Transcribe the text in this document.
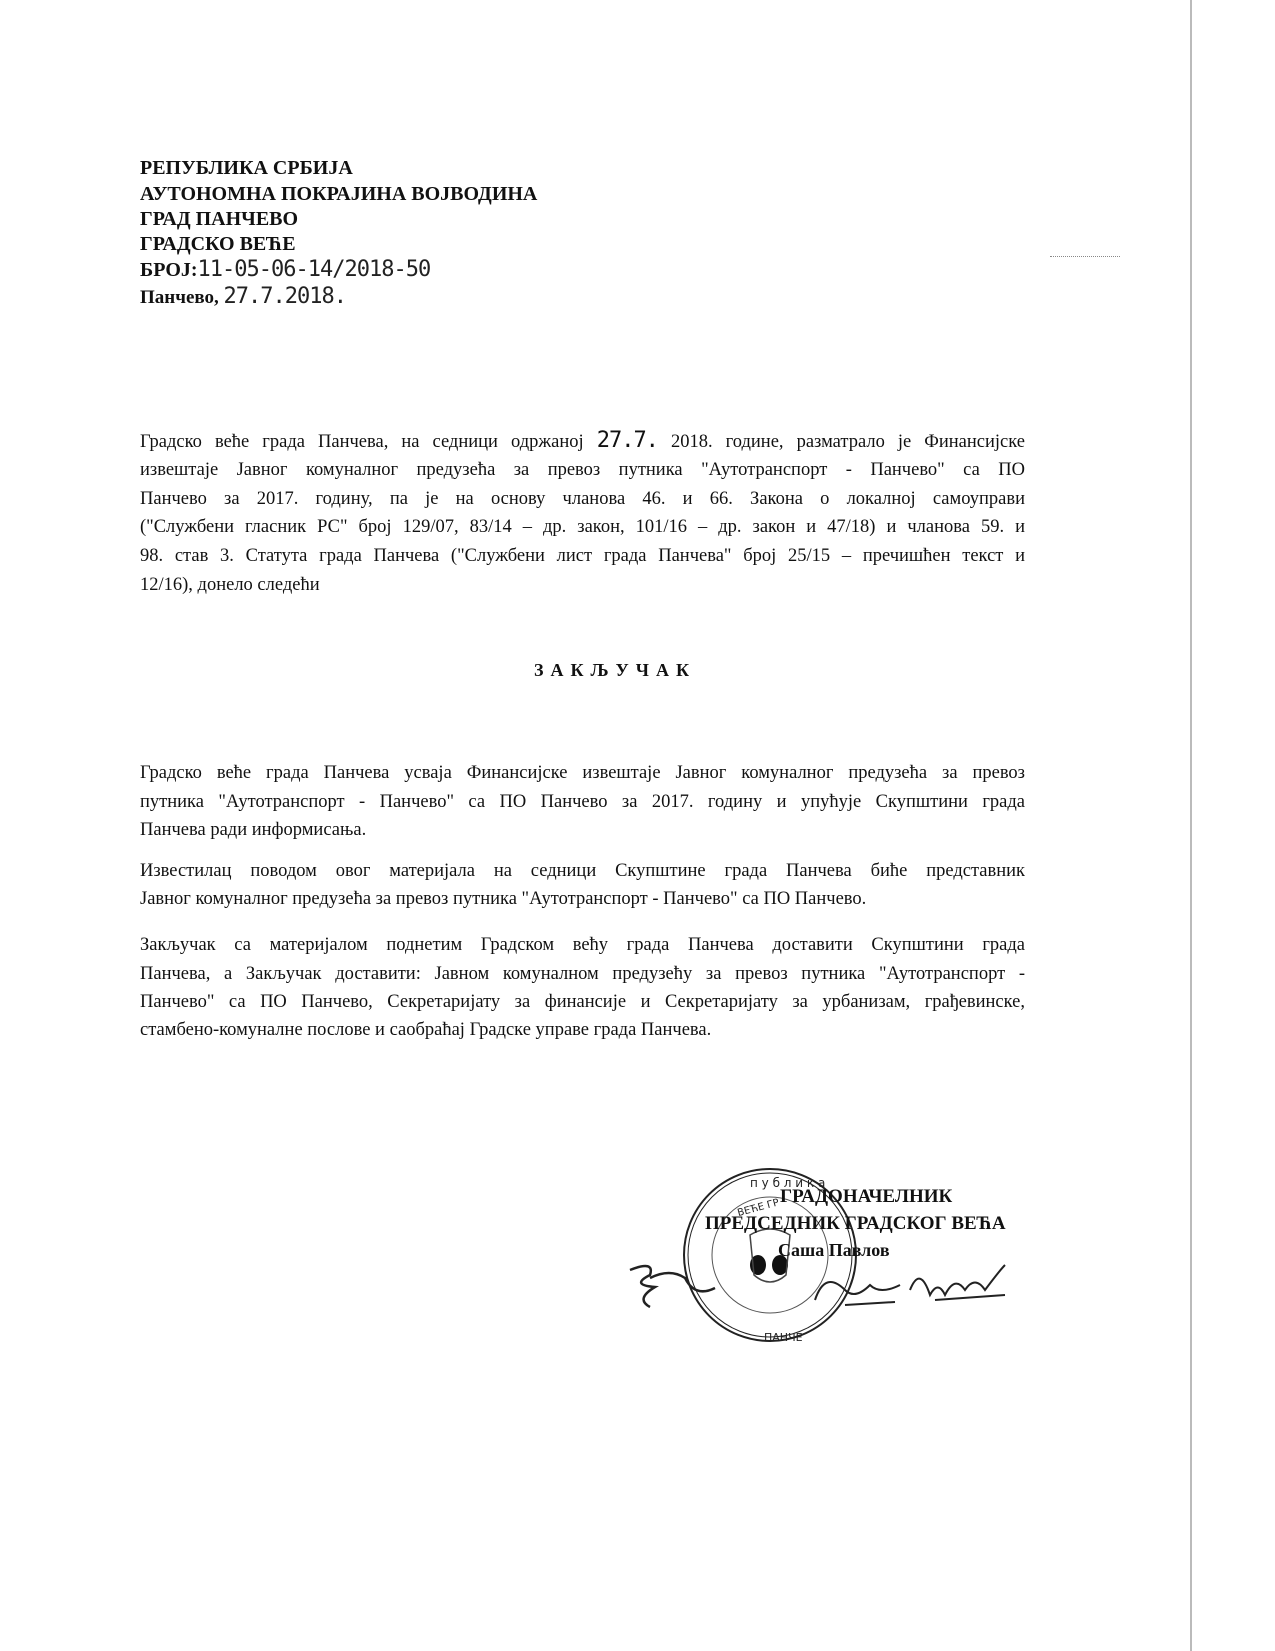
РЕПУБЛИКА СРБИЈА
АУТОНОМНА ПОКРАЈИНА ВОЈВОДИНА
ГРАД ПАНЧЕВО
ГРАДСКО ВЕЋЕ
БРОЈ:11-05-06-14/2018-50
Панчево, 27.7.2018.
Градско веће града Панчева, на седници одржаној 27.7. 2018. године, разматрало је Финансијске
извештаје Јавног комуналног предузећа за превоз путника "Аутотранспорт - Панчево" са ПО
Панчево за 2017. годину, па је на основу чланова 46. и 66. Закона о локалној самоуправи
("Службени гласник РС" број 129/07, 83/14 – др. закон, 101/16 – др. закон и 47/18) и чланова 59. и
98. став 3. Статута града Панчева ("Службени лист града Панчева" број 25/15 – пречишћен текст и
12/16), донело следећи
ЗАКЉУЧАК
Градско веће града Панчева усваја Финансијске извештаје Јавног комуналног предузећа за превоз
путника "Аутотранспорт - Панчево" са ПО Панчево за 2017. годину и упућује Скупштини града
Панчева ради информисања.
Известилац поводом овог материјала на седници Скупштине града Панчева биће представник
Јавног комуналног предузећа за превоз путника "Аутотранспорт - Панчево" са ПО Панчево.
Закључак са материјалом поднетим Градском већу града Панчева доставити Скупштини града
Панчева, а Закључак доставити: Јавном комуналном предузећу за превоз путника "Аутотранспорт -
Панчево" са ПО Панчево, Секретаријату за финансије и Секретаријату за урбанизам, грађевинске,
стамбено-комуналне послове и саобраћај Градске управе града Панчева.
п у б л и к а
ПАНЧЕ
ВЕЋЕ ГР
ГРАДОНАЧЕЛНИК
ПРЕДСЕДНИК ГРАДСКОГ ВЕЋА
Саша Павлов
